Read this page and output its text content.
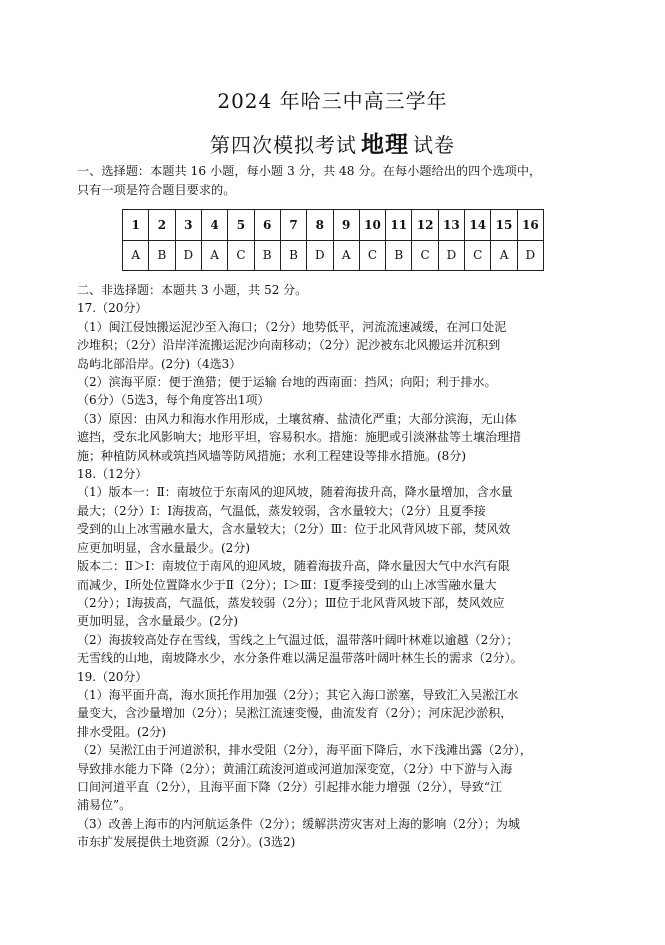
2024 年哈三中高三学年
第四次模拟考试 地理 试卷
一、选择题：本题共 16 小题，每小题 3 分，共 48 分。在每小题给出的四个选项中，
只有一项是符合题目要求的。
1	2	3	4	5	6	7	8	9	10	11	12	13	14	15	16
A	B	D	A	C	B	B	D	A	C	B	C	D	C	A	D

二、非选择题：本题共 3 小题，共 52 分。

17.（20分）

（1）闽江侵蚀搬运泥沙至入海口；（2分）地势低平，河流流速减缓，在河口处泥

沙堆积；（2分）沿岸洋流搬运泥沙向南移动；（2分）泥沙被东北风搬运并沉积到

岛屿北部沿岸。(2分)（4选3）

（2）滨海平原：便于渔猎；便于运输 台地的西南面：挡风；向阳；利于排水。

（6分）（5选3，每个角度答出1项）

（3）原因：由风力和海水作用形成，土壤贫瘠、盐渍化严重；大部分滨海，无山体

遮挡，受东北风影响大；地形平坦，容易积水。措施：施肥或引淡淋盐等土壤治理措

施；种植防风林或筑挡风墙等防风措施；水利工程建设等排水措施。(8分)

18.（12分）

（1）版本一：Ⅱ：南坡位于东南风的迎风坡，随着海拔升高，降水量增加，含水量

最大；（2分）Ⅰ：Ⅰ海拔高，气温低，蒸发较弱，含水量较大；（2分）且夏季接

受到的山上冰雪融水量大，含水量较大；（2分）Ⅲ：位于北风背风坡下部，焚风效

应更加明显，含水量最少。(2分)

版本二：Ⅱ＞Ⅰ：南坡位于南风的迎风坡，随着海拔升高，降水量因大气中水汽有限

而减少，Ⅰ所处位置降水少于Ⅱ（2分）；Ⅰ＞Ⅲ：Ⅰ夏季接受到的山上冰雪融水量大

（2分）；Ⅰ海拔高，气温低，蒸发较弱（2分）；Ⅲ位于北风背风坡下部，焚风效应

更加明显，含水量最少。(2分)

（2）海拔较高处存在雪线，雪线之上气温过低，温带落叶阔叶林难以逾越（2分）；

无雪线的山地，南坡降水少，水分条件难以满足温带落叶阔叶林生长的需求（2分）。

19.（20分）

（1）海平面升高，海水顶托作用加强（2分）；其它入海口淤塞，导致汇入吴淞江水

量变大，含沙量增加（2分）；吴淞江流速变慢，曲流发育（2分）；河床泥沙淤积，

排水受阻。(2分)

（2）吴淞江由于河道淤积，排水受阻（2分），海平面下降后，水下浅滩出露（2分），

导致排水能力下降（2分）；黄浦江疏浚河道或河道加深变宽，（2分）中下游与入海

口间河道平直（2分），且海平面下降（2分）引起排水能力增强（2分），导致“江

浦易位”。

（3）改善上海市的内河航运条件（2分）；缓解洪涝灾害对上海的影响（2分）；为城

市东扩发展提供土地资源（2分）。(3选2)
